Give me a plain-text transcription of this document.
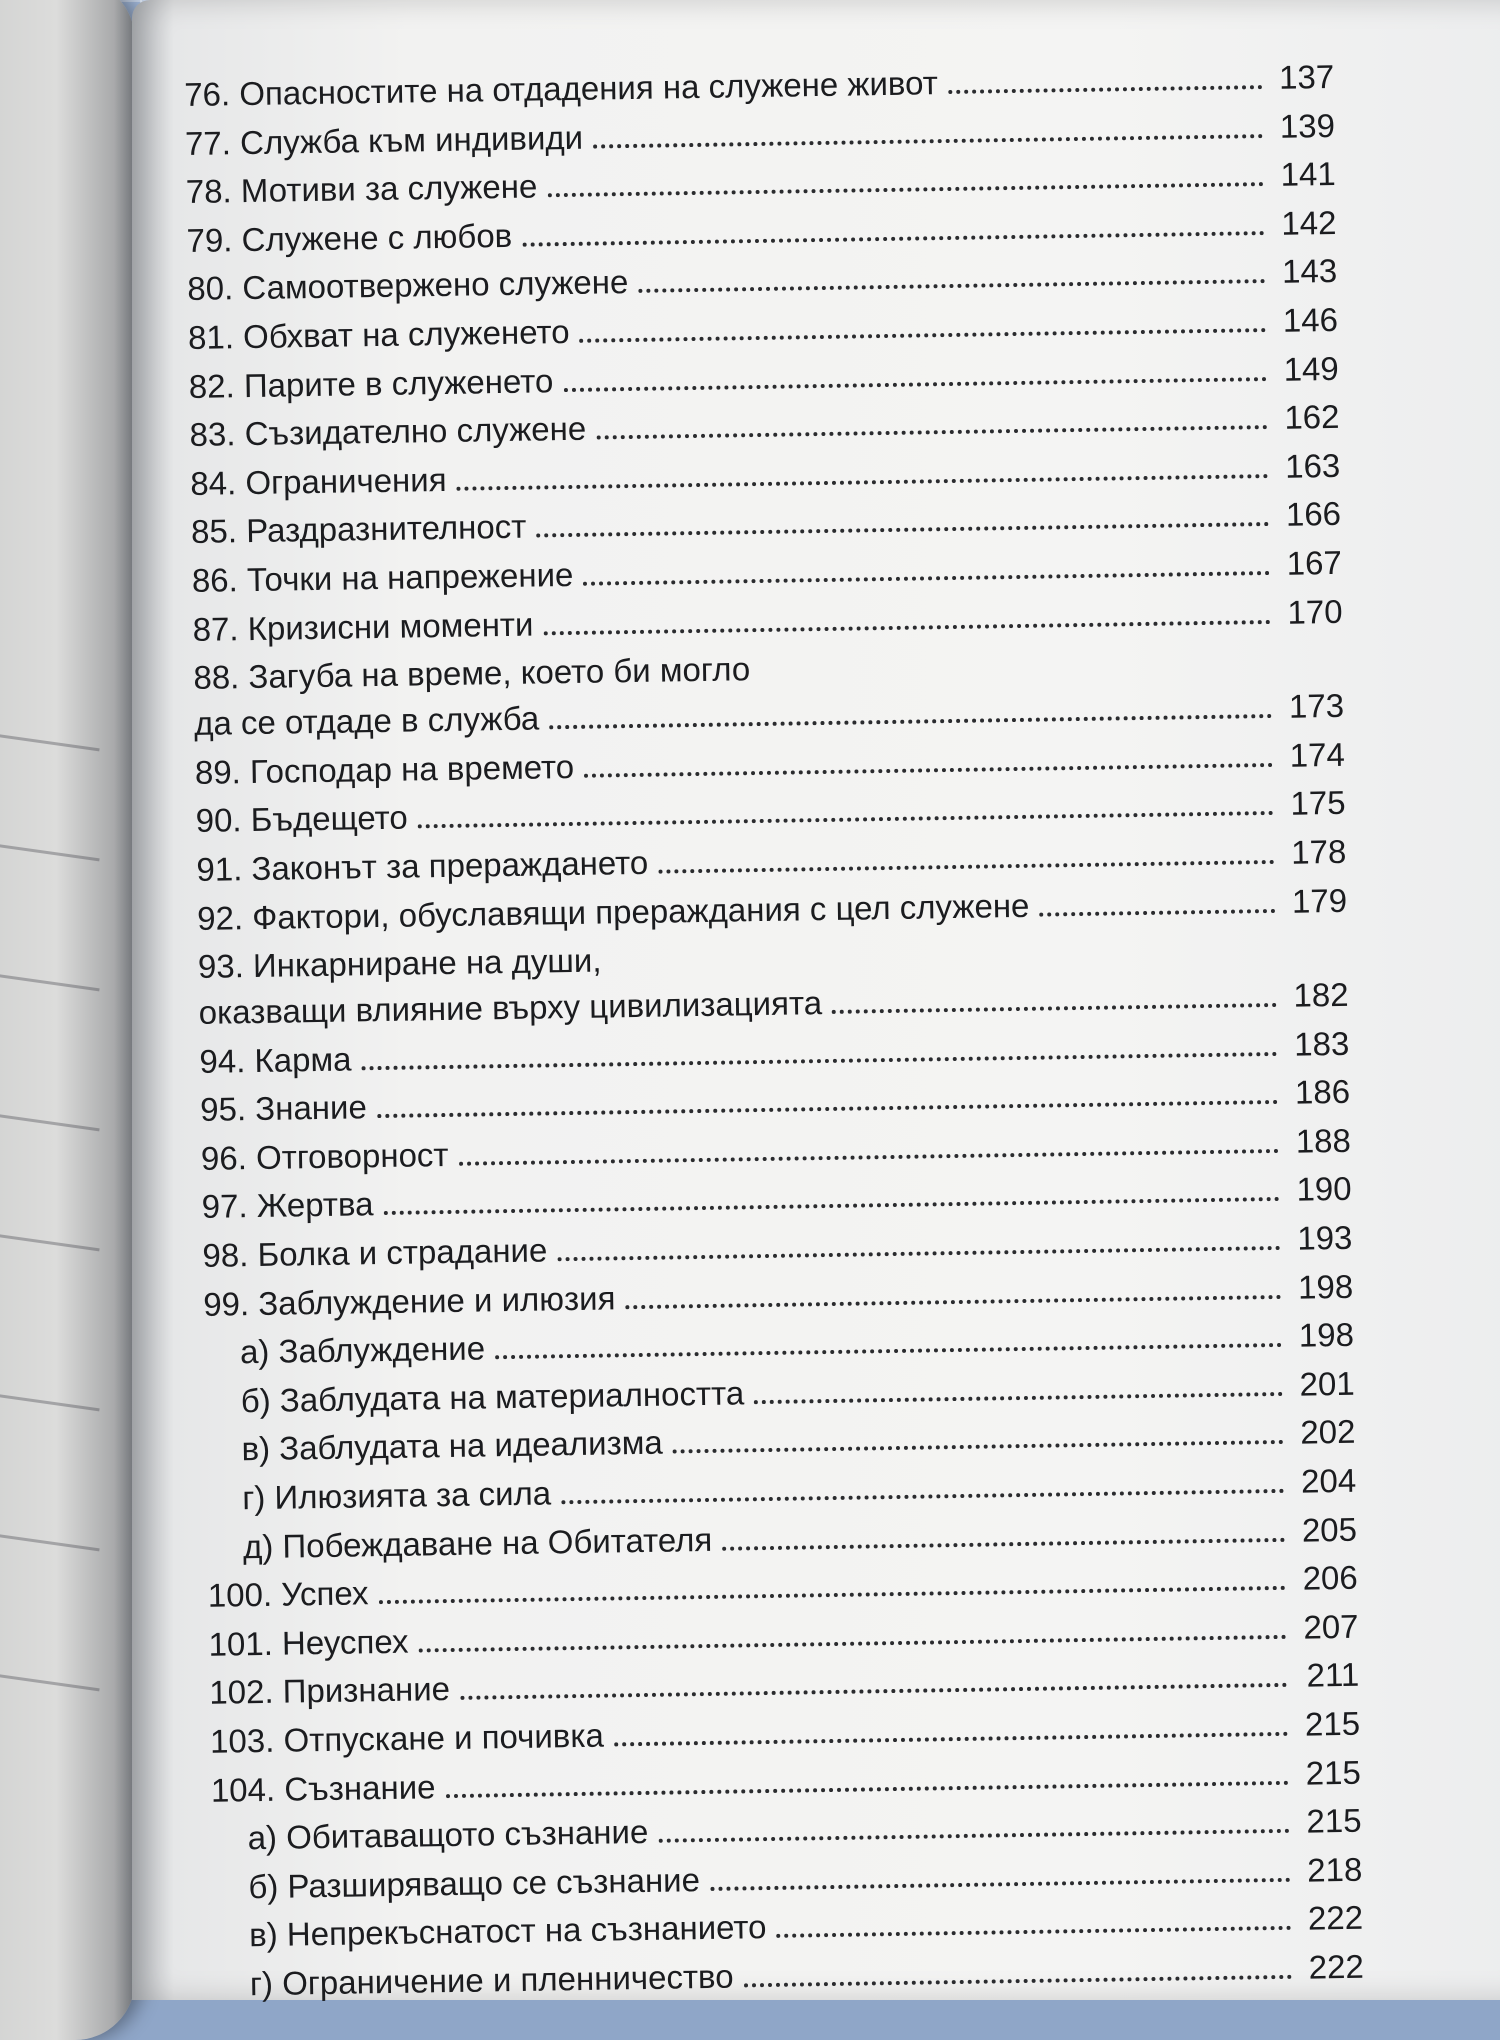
76. Опасностите на отдадения на служене живот	137
77. Служба към индивиди	139
78. Мотиви за служене	141
79. Служене с любов	142
80. Самоотвержено служене	143
81. Обхват на служенето	146
82. Парите в служенето	149
83. Съзидателно служене	162
84. Ограничения	163
85. Раздразнителност	166
86. Точки на напрежение	167
87. Кризисни моменти	170
88. Загуба на време, което би могло
да се отдаде в служба	173
89. Господар на времето	174
90. Бъдещето	175
91. Законът за прераждането	178
92. Фактори, обуславящи прераждания с цел служене	179
93. Инкарниране на души,
оказващи влияние върху цивилизацията	182
94. Карма	183
95. Знание	186
96. Отговорност	188
97. Жертва	190
98. Болка и страдание	193
99. Заблуждение и илюзия	198
а) Заблуждение	198
б) Заблудата на материалността	201
в) Заблудата на идеализма	202
г) Илюзията за сила	204
д) Побеждаване на Обитателя	205
100. Успех	206
101. Неуспех	207
102. Признание	211
103. Отпускане и почивка	215
104. Съзнание	215
а) Обитаващото съзнание	215
б) Разширяващо се съзнание	218
в) Непрекъснатост на съзнанието	222
г) Ограничение и пленничество	222
